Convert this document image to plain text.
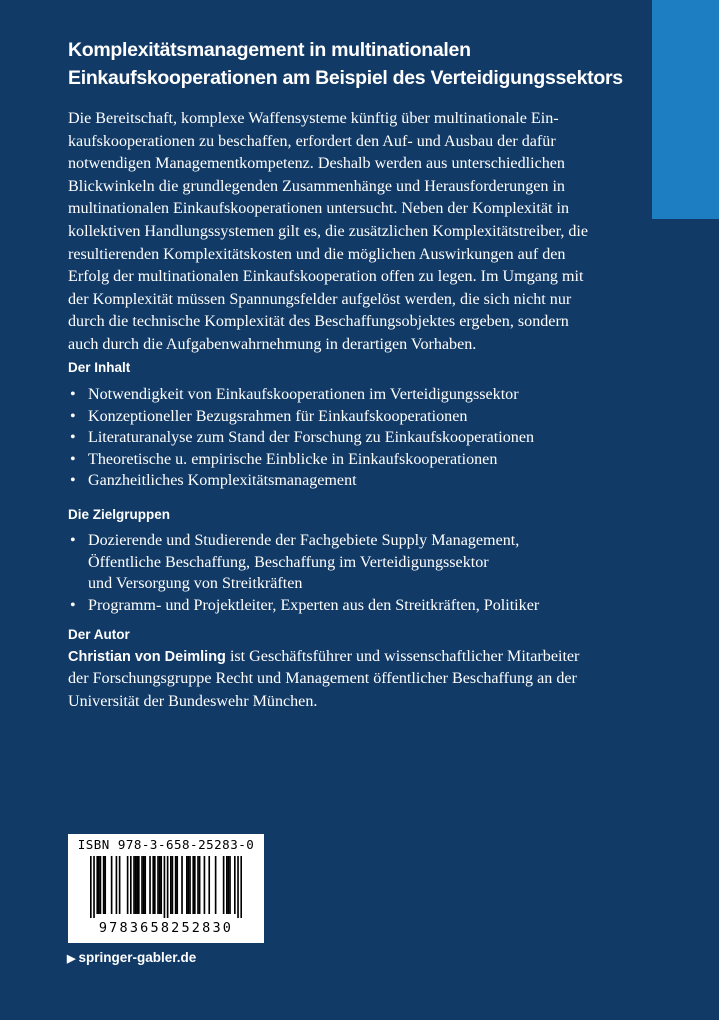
Komplexitätsmanagement in multinationalen
Einkaufskooperationen am Beispiel des Verteidigungssektors
Die Bereitschaft, komplexe Waffensysteme künftig über multinationale Ein-
kaufskooperationen zu beschaffen, erfordert den Auf- und Ausbau der dafür
notwendigen Managementkompetenz. Deshalb werden aus unterschiedlichen
Blickwinkeln die grundlegenden Zusammenhänge und Herausforderungen in
multinationalen Einkaufskooperationen untersucht. Neben der Komplexität in
kollektiven Handlungssystemen gilt es, die zusätzlichen Komplexitätstreiber, die
resultierenden Komplexitätskosten und die möglichen Auswirkungen auf den
Erfolg der multinationalen Einkaufskooperation offen zu legen. Im Umgang mit
der Komplexität müssen Spannungsfelder aufgelöst werden, die sich nicht nur
durch die technische Komplexität des Beschaffungsobjektes ergeben, sondern
auch durch die Aufgabenwahrnehmung in derartigen Vorhaben.
Der Inhalt
• Notwendigkeit von Einkaufskooperationen im Verteidigungssektor
• Konzeptioneller Bezugsrahmen für Einkaufskooperationen
• Literaturanalyse zum Stand der Forschung zu Einkaufskooperationen
• Theoretische u. empirische Einblicke in Einkaufskooperationen
• Ganzheitliches Komplexitätsmanagement
Die Zielgruppen
• Dozierende und Studierende der Fachgebiete Supply Management,
Öffentliche Beschaffung, Beschaffung im Verteidigungssektor
und Versorgung von Streitkräften
• Programm- und Projektleiter, Experten aus den Streitkräften, Politiker
Der Autor
Christian von Deimling ist Geschäftsführer und wissenschaftlicher Mitarbeiter
der Forschungsgruppe Recht und Management öffentlicher Beschaffung an der
Universität der Bundeswehr München.
ISBN 978-3-658-25283-0
9783658252830
▶ springer-gabler.de
